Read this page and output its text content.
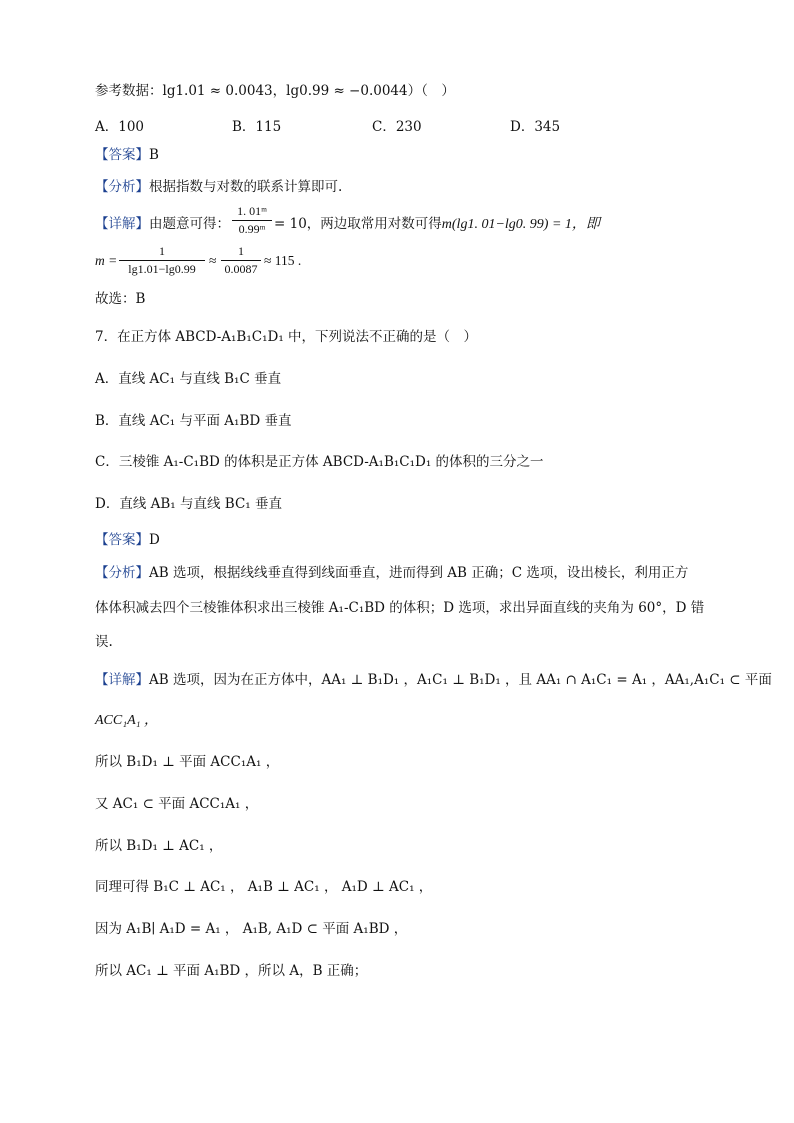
参考数据：lg1.01 ≈ 0.0043，lg0.99 ≈ −0.0044）（　）
A．100	B．115	C．230	D．345
【答案】B
【分析】根据指数与对数的联系计算即可.
【详解】由题意可得：
1. 01ᵐ
0.99ᵐ = 10，两边取常用对数可得m(lg1. 01−lg0. 99) = 1，即
m =
1
lg1.01−lg0.99
≈
1
0.0087
≈ 115 .
故选：B
7．在正方体 ABCD-A₁B₁C₁D₁ 中，下列说法不正确的是（　）
A．直线 AC₁ 与直线 B₁C 垂直
B．直线 AC₁ 与平面 A₁BD 垂直
C．三棱锥 A₁-C₁BD 的体积是正方体 ABCD-A₁B₁C₁D₁ 的体积的三分之一
D．直线 AB₁ 与直线 BC₁ 垂直
【答案】D
【分析】AB 选项，根据线线垂直得到线面垂直，进而得到 AB 正确；C 选项，设出棱长，利用正方
体体积减去四个三棱锥体积求出三棱锥 A₁-C₁BD 的体积；D 选项，求出异面直线的夹角为 60°，D 错
误.
【详解】AB 选项，因为在正方体中，AA₁ ⊥ B₁D₁ ，A₁C₁ ⊥ B₁D₁ ，且 AA₁ ∩ A₁C₁ = A₁ ，AA₁,A₁C₁ ⊂ 平面
ACC₁A₁ ，
所以 B₁D₁ ⊥ 平面 ACC₁A₁ ，
又 AC₁ ⊂ 平面 ACC₁A₁ ，
所以 B₁D₁ ⊥ AC₁ ，
同理可得 B₁C ⊥ AC₁ ， A₁B ⊥ AC₁ ， A₁D ⊥ AC₁ ，
因为 A₁B∣ A₁D = A₁ ， A₁B, A₁D ⊂ 平面 A₁BD ，
所以 AC₁ ⊥ 平面 A₁BD ，所以 A，B 正确；
